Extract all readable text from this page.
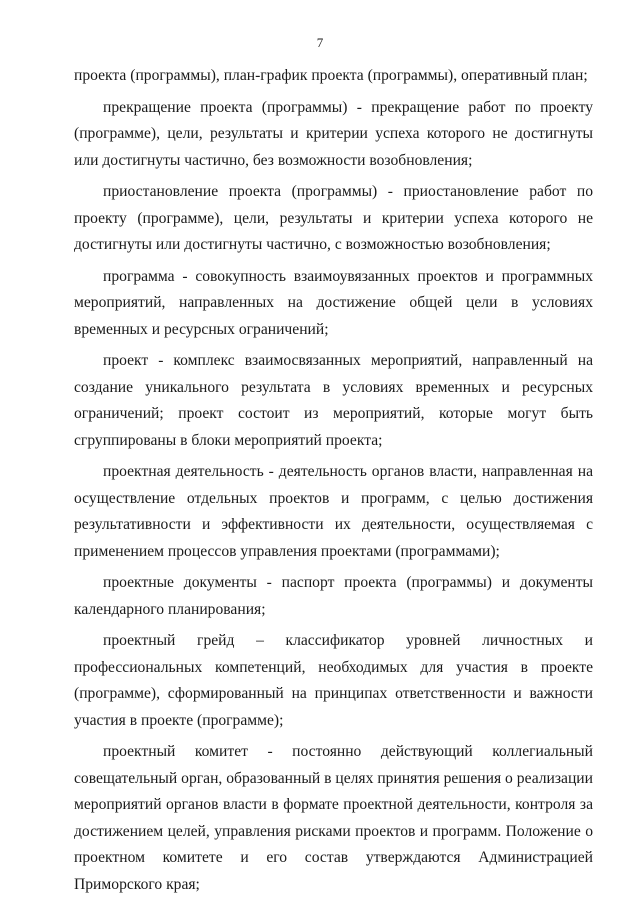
7

проекта (программы), план-график проекта (программы), оперативный план;

прекращение проекта (программы) - прекращение работ по проекту (программе), цели, результаты и критерии успеха которого не достигнуты или достигнуты частично, без возможности возобновления;

приостановление проекта (программы) - приостановление работ по проекту (программе), цели, результаты и критерии успеха которого не достигнуты или достигнуты частично, с возможностью возобновления;

программа - совокупность взаимоувязанных проектов и программных мероприятий, направленных на достижение общей цели в условиях временных и ресурсных ограничений;

проект - комплекс взаимосвязанных мероприятий, направленный на создание уникального результата в условиях временных и ресурсных ограничений; проект состоит из мероприятий, которые могут быть сгруппированы в блоки мероприятий проекта;

проектная деятельность - деятельность органов власти, направленная на осуществление отдельных проектов и программ, с целью достижения результативности и эффективности их деятельности, осуществляемая с применением процессов управления проектами (программами);

проектные документы - паспорт проекта (программы) и документы календарного планирования;

проектный грейд – классификатор уровней личностных и профессиональных компетенций, необходимых для участия в проекте (программе), сформированный на принципах ответственности и важности участия в проекте (программе);

проектный комитет - постоянно действующий коллегиальный совещательный орган, образованный в целях принятия решения о реализации мероприятий органов власти в формате проектной деятельности, контроля за достижением целей, управления рисками проектов и программ. Положение о проектном комитете и его состав утверждаются Администрацией Приморского края;
